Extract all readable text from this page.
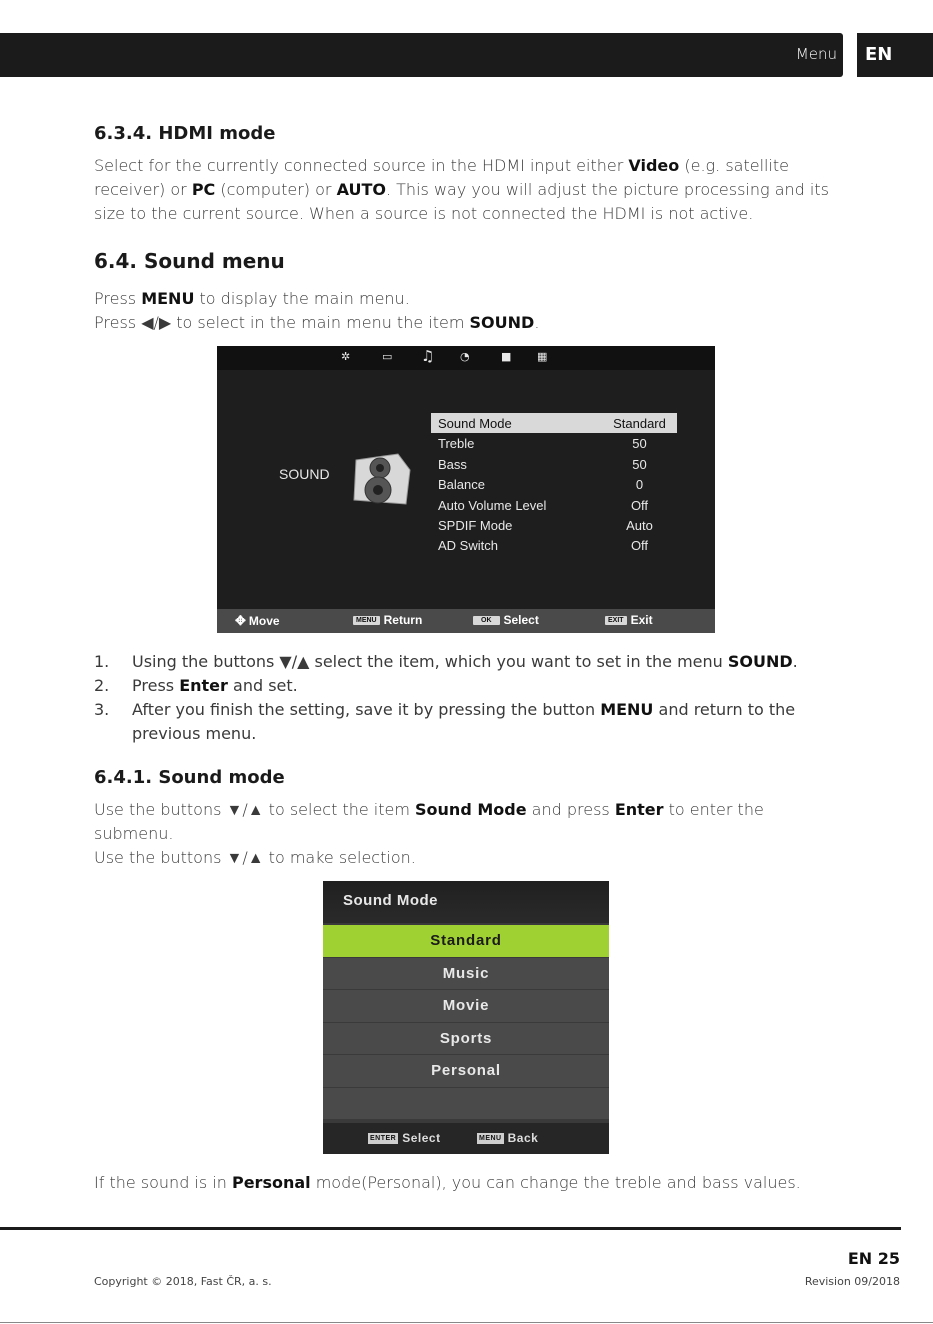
Menu	EN
6.3.4. HDMI mode

Select for the currently connected source in the HDMI input either Video (e.g. satellite receiver) or PC (computer) or AUTO. This way you will adjust the picture processing and its size to the current source. When a source is not connected the HDMI is not active.

6.4. Sound menu

Press MENU to display the main menu.

Press ◀/▶ to select in the main menu the item SOUND.

✲	▭ ♫ ◔	■ ▦
SOUND
Sound Mode	Standard
Treble	50
Bass	50
Balance	0
Auto Volume Level	Off
SPDIF Mode	Auto
AD Switch	Off
✥ Move	MENU Return	OK Select	EXIT Exit
1. Using the buttons ▼/▲ select the item, which you want to set in the menu SOUND.
2. Press Enter and set.
3. After you finish the setting, save it by pressing the button MENU and return to the previous menu.
6.4.1. Sound mode

Use the buttons ▼/▲ to select the item Sound Mode and press Enter to enter the submenu.

Use the buttons ▼/▲ to make selection.

Sound Mode
Standard
Music
Movie
Sports
Personal
ENTER Select	MENU Back

If the sound is in Personal mode(Personal), you can change the treble and bass values.

EN 25
Copyright © 2018, Fast ČR, a. s.	Revision 09/2018
